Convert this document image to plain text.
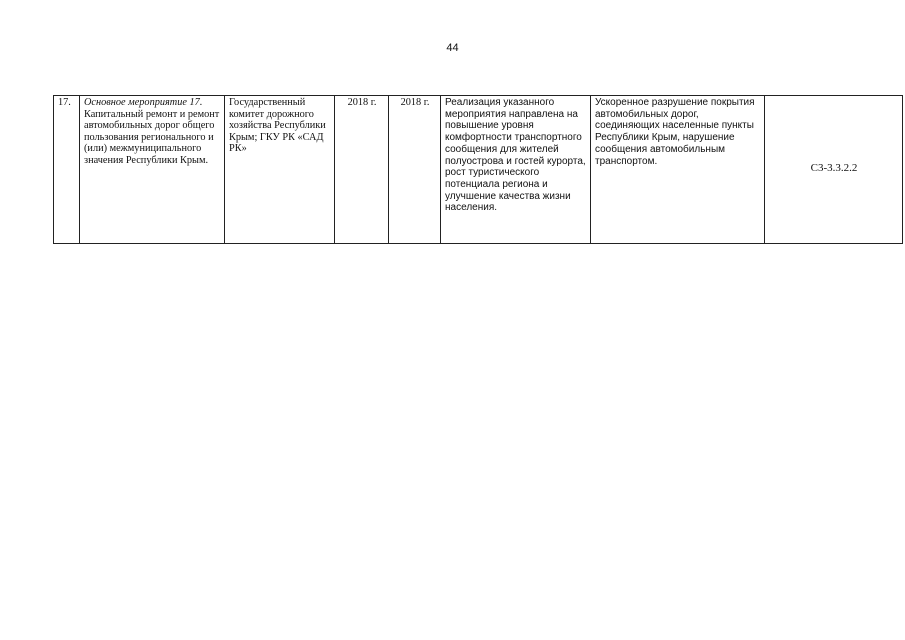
44
17.	Основное мероприятие 17. Капитальный ремонт и ремонт автомобильных дорог общего пользования регионального и (или) межмуниципального значения Республики Крым.	Государственный комитет дорожного хозяйства Республики Крым; ГКУ РК «САД РК»	2018 г.	2018 г.	Реализация указанного мероприятия направлена на повышение уровня комфортности транспортного сообщения для жителей полуострова и гостей курорта, рост туристического потенциала региона и улучшение качества жизни населения.	Ускоренное разрушение покрытия автомобильных дорог, соединяющих населенные пункты Республики Крым, нарушение сообщения автомобильным транспортом.	С3-3.3.2.2
